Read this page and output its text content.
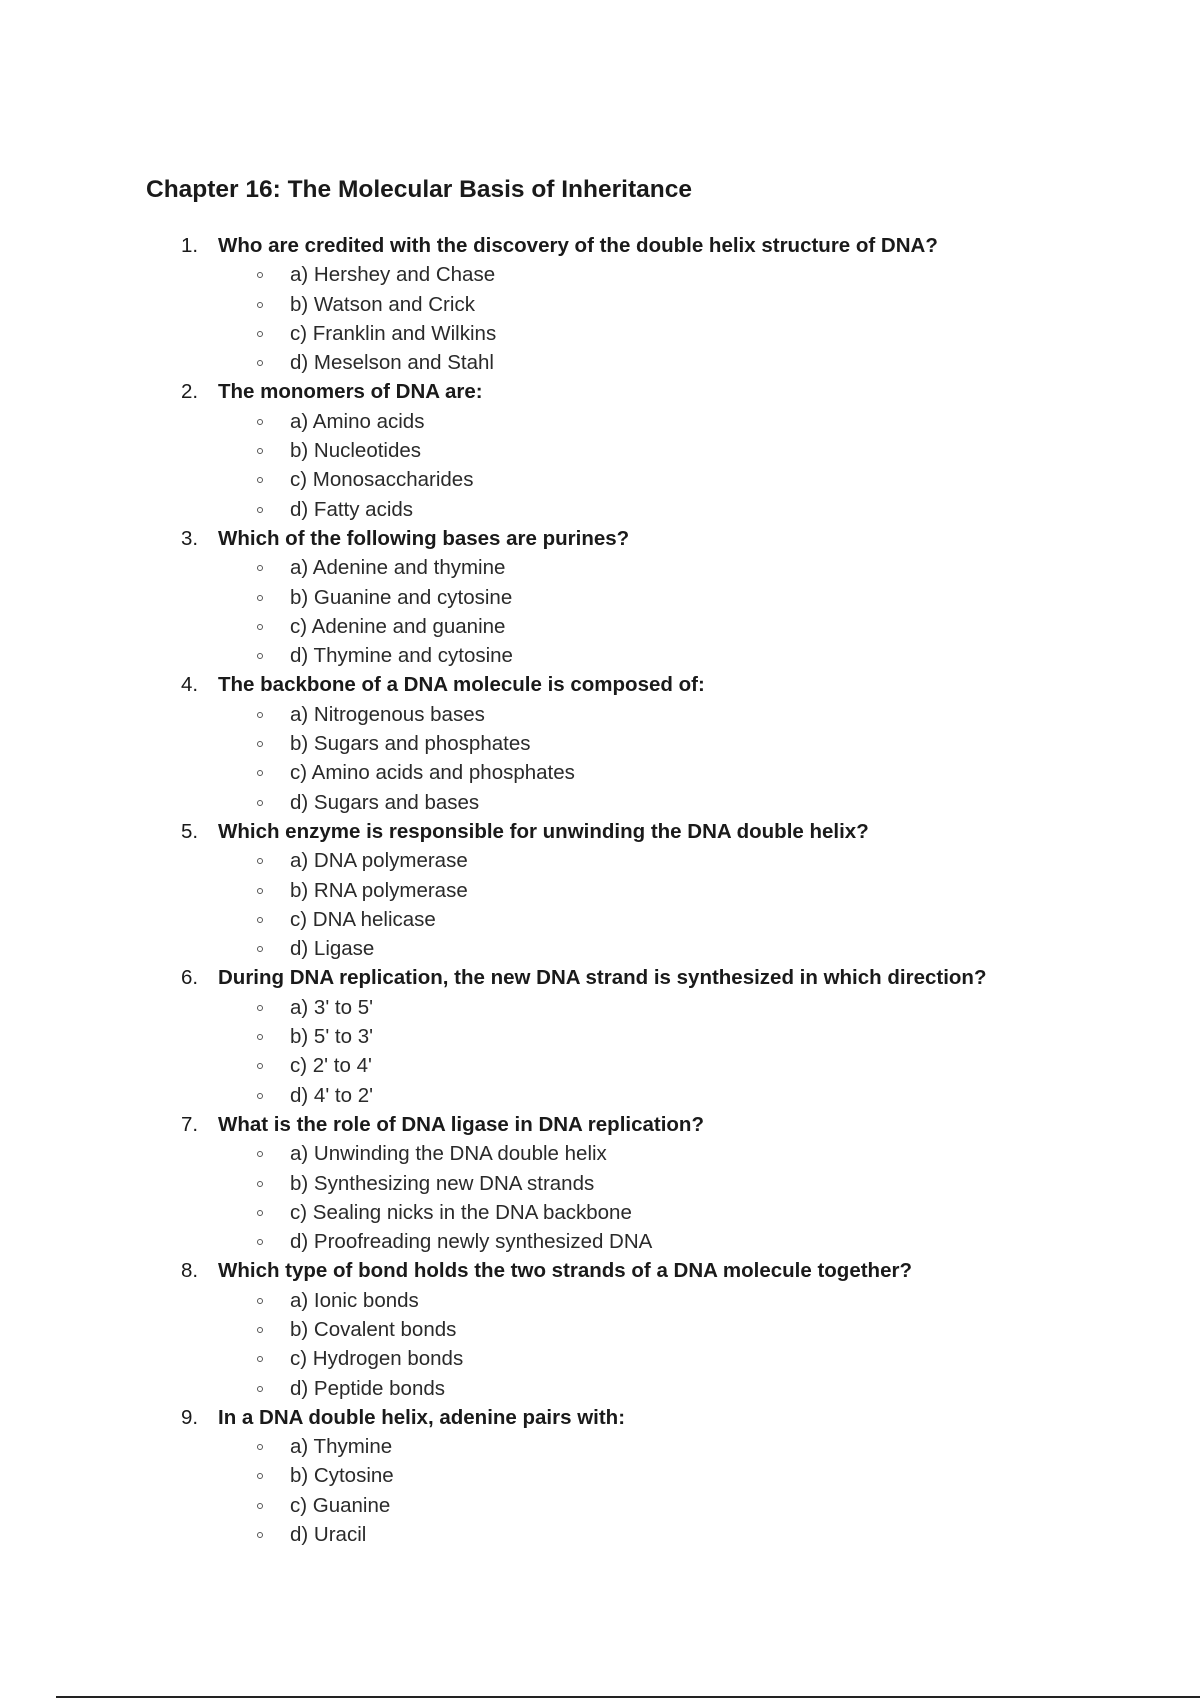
Chapter 16: The Molecular Basis of Inheritance
1. Who are credited with the discovery of the double helix structure of DNA?
a) Hershey and Chase
b) Watson and Crick
c) Franklin and Wilkins
d) Meselson and Stahl
2. The monomers of DNA are:
a) Amino acids
b) Nucleotides
c) Monosaccharides
d) Fatty acids
3. Which of the following bases are purines?
a) Adenine and thymine
b) Guanine and cytosine
c) Adenine and guanine
d) Thymine and cytosine
4. The backbone of a DNA molecule is composed of:
a) Nitrogenous bases
b) Sugars and phosphates
c) Amino acids and phosphates
d) Sugars and bases
5. Which enzyme is responsible for unwinding the DNA double helix?
a) DNA polymerase
b) RNA polymerase
c) DNA helicase
d) Ligase
6. During DNA replication, the new DNA strand is synthesized in which direction?
a) 3' to 5'
b) 5' to 3'
c) 2' to 4'
d) 4' to 2'
7. What is the role of DNA ligase in DNA replication?
a) Unwinding the DNA double helix
b) Synthesizing new DNA strands
c) Sealing nicks in the DNA backbone
d) Proofreading newly synthesized DNA
8. Which type of bond holds the two strands of a DNA molecule together?
a) Ionic bonds
b) Covalent bonds
c) Hydrogen bonds
d) Peptide bonds
9. In a DNA double helix, adenine pairs with:
a) Thymine
b) Cytosine
c) Guanine
d) Uracil
